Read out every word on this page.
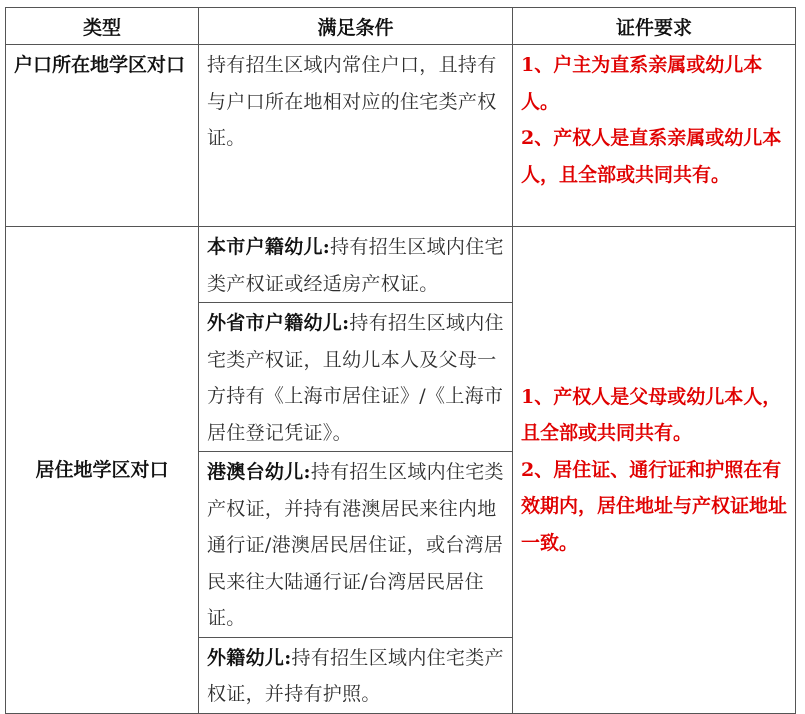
类型	满足条件	证件要求

户口所在地学区对口	持有招生区域内常住户口，且持有与户口所在地相对应的住宅类产权证。	1、户主为直系亲属或幼儿本人。
2、产权人是直系亲属或幼儿本人，且全部或共同共有。

居住地学区对口	本市户籍幼儿:持有招生区域内住宅类产权证或经适房产权证。	1、产权人是父母或幼儿本人，且全部或共同共有。
2、居住证、通行证和护照在有效期内，居住地址与产权证地址一致。

	外省市户籍幼儿:持有招生区域内住宅类产权证，且幼儿本人及父母一方持有《上海市居住证》/《上海市居住登记凭证》。	

	港澳台幼儿:持有招生区域内住宅类产权证，并持有港澳居民来往内地通行证/港澳居民居住证，或台湾居民来往大陆通行证/台湾居民居住证。	

	外籍幼儿:持有招生区域内住宅类产权证，并持有护照。	
